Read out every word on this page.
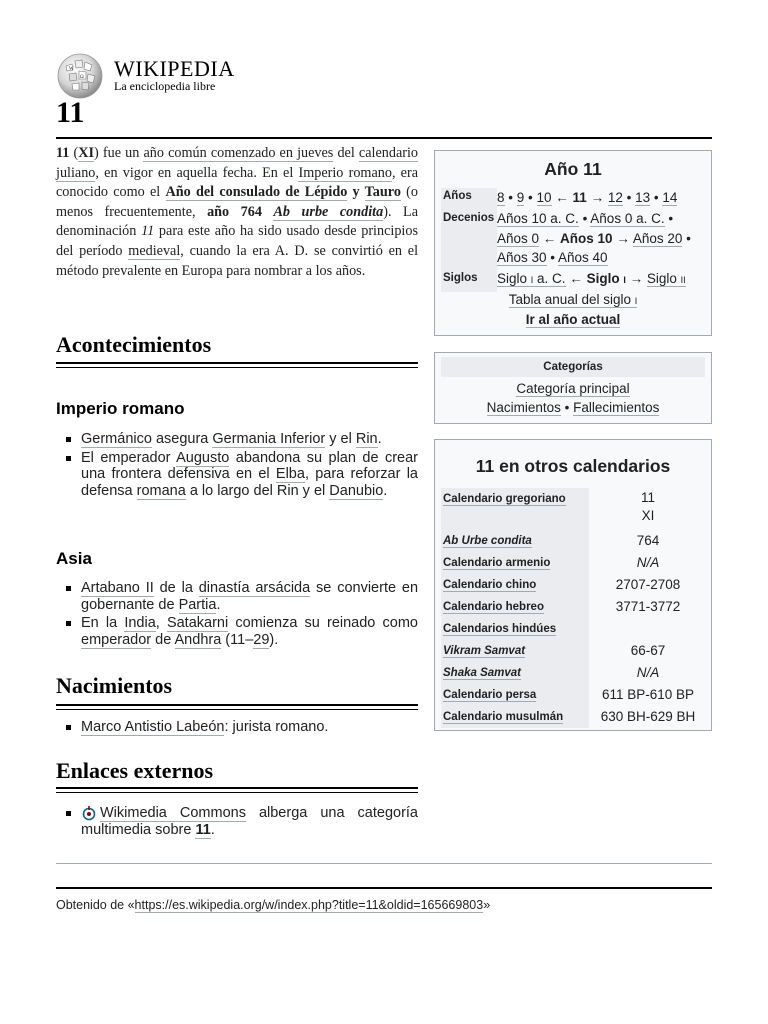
W
Ω WIKIPEDIA
La enciclopedia libre
11

11 (XI) fue un año común comenzado en jueves del calendario juliano, en vigor en aquella fecha. En el Imperio romano, era conocido como el Año del consulado de Lépido y Tauro (o menos frecuentemente, año 764 Ab urbe condita). La denominación 11 para este año ha sido usado desde principios del período medieval, cuando la era A. D. se convirtió en el método prevalente en Europa para nombrar a los años.

Acontecimientos
Imperio romano
Germánico asegura Germania Inferior y el Rin.
El emperador Augusto abandona su plan de crear una frontera defensiva en el Elba, para reforzar la defensa romana a lo largo del Rin y el Danubio.
Asia
Artabano II de la dinastía arsácida se convierte en gobernante de Partia.
En la India, Satakarni comienza su reinado como emperador de Andhra (11–29).
Nacimientos
Marco Antistio Labeón: jurista romano.
Enlaces externos
Wikimedia Commons alberga una categoría multimedia sobre 11.
Año 11
Años	8 • 9 • 10 ← 11 → 12 • 13 • 14
Decenios Años 10 a. C. • Años 0 a. C. • Años 0 ← Años 10 → Años 20 • Años 30 • Años 40
Siglos	Siglo I a. C. ← Siglo I → Siglo II
Tabla anual del siglo I
Ir al año actual
Categorías
Categoría principal
Nacimientos • Fallecimientos
11 en otros calendarios
Calendario gregoriano	11
XI
Ab Urbe condita	764
Calendario armenio	N/A
Calendario chino	2707-2708
Calendario hebreo	3771-3772
Calendarios hindúes
Vikram Samvat	66-67
Shaka Samvat	N/A
Calendario persa	611 BP-610 BP
Calendario musulmán	630 BH-629 BH
Obtenido de «https://es.wikipedia.org/w/index.php?title=11&oldid=165669803»
